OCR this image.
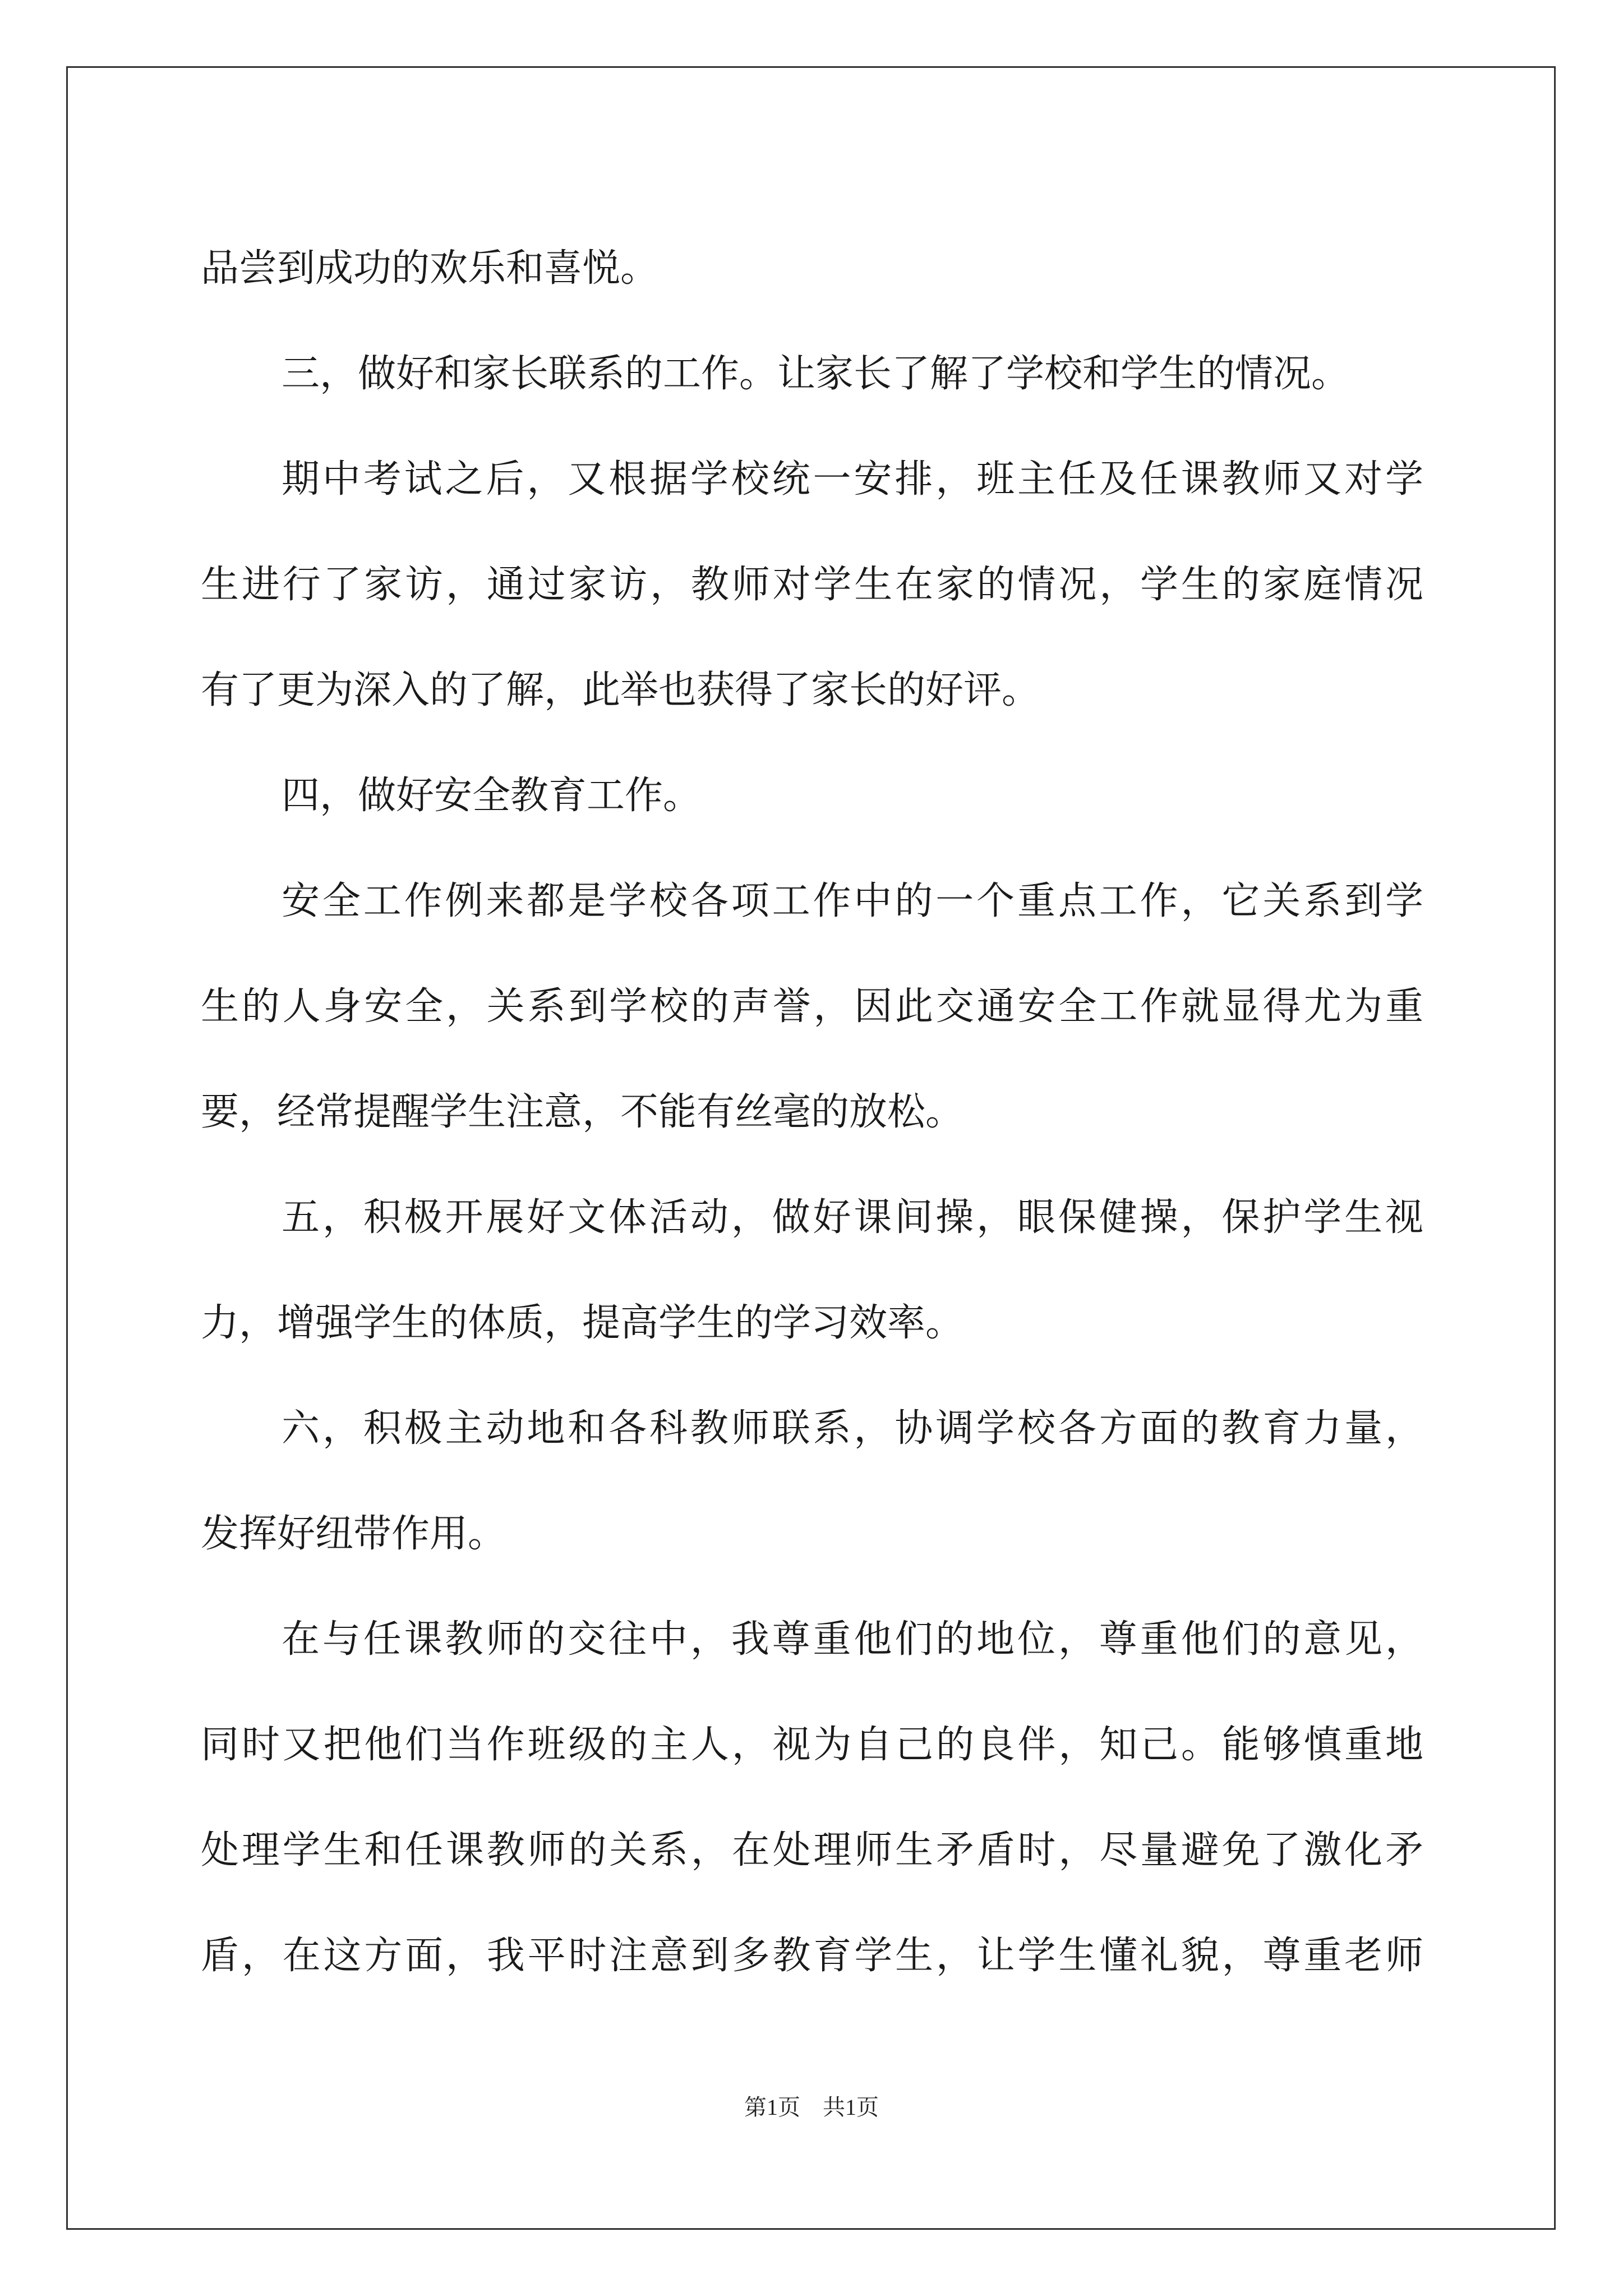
品尝到成功的欢乐和喜悦。
三，做好和家长联系的工作。让家长了解了学校和学生的情况。
期中考试之后，又根据学校统一安排，班主任及任课教师又对学
生进行了家访，通过家访，教师对学生在家的情况，学生的家庭情况
有了更为深入的了解，此举也获得了家长的好评。
四，做好安全教育工作。
安全工作例来都是学校各项工作中的一个重点工作，它关系到学
生的人身安全，关系到学校的声誉，因此交通安全工作就显得尤为重
要，经常提醒学生注意，不能有丝毫的放松。
五，积极开展好文体活动，做好课间操，眼保健操，保护学生视
力，增强学生的体质，提高学生的学习效率。
六，积极主动地和各科教师联系，协调学校各方面的教育力量，
发挥好纽带作用。
在与任课教师的交往中，我尊重他们的地位，尊重他们的意见，
同时又把他们当作班级的主人，视为自己的良伴，知己。能够慎重地
处理学生和任课教师的关系，在处理师生矛盾时，尽量避免了激化矛
盾，在这方面，我平时注意到多教育学生，让学生懂礼貌，尊重老师
第1页　共1页
